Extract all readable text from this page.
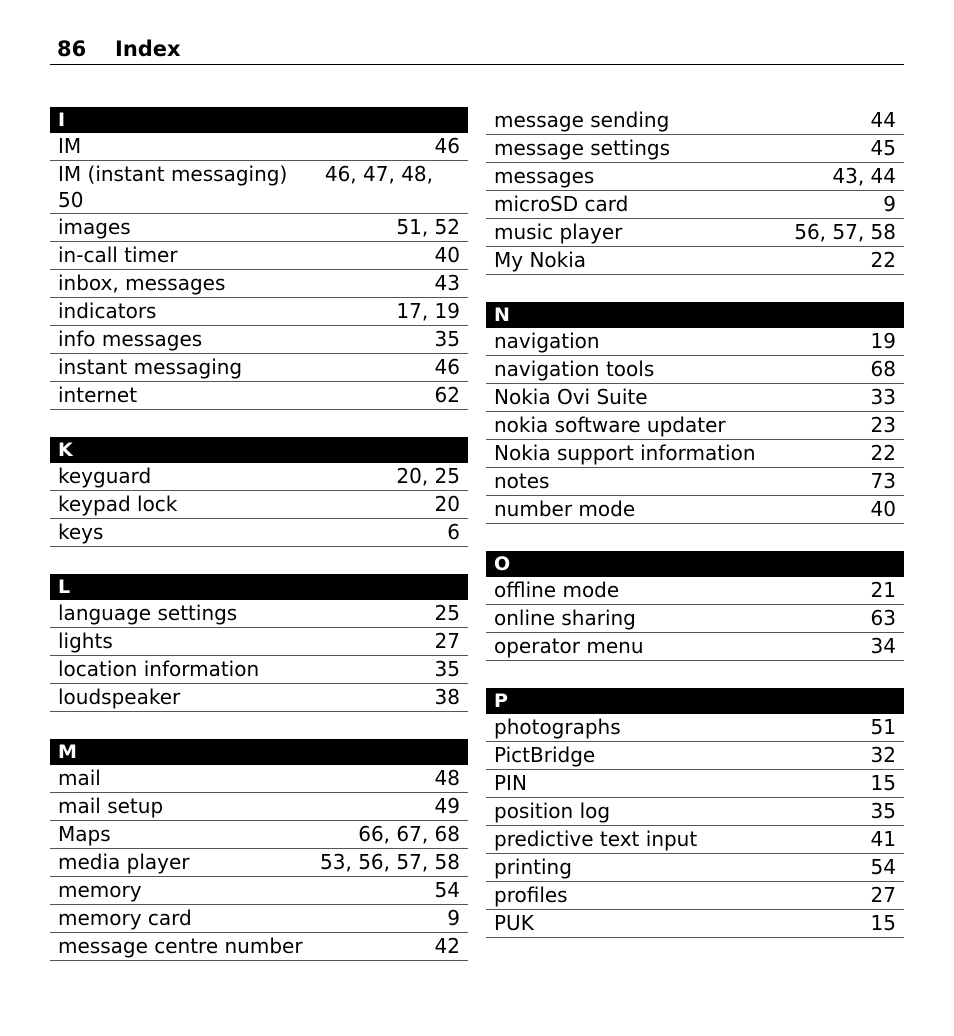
86 Index
I
IM	46
IM (instant messaging)	46, 47, 48,
50
images	51, 52
in-call timer	40
inbox, messages	43
indicators	17, 19
info messages	35
instant messaging	46
internet	62
K
keyguard	20, 25
keypad lock	20
keys	6
L
language settings	25
lights	27
location information	35
loudspeaker	38
M
mail	48
mail setup	49
Maps	66, 67, 68
media player	53, 56, 57, 58
memory	54
memory card	9
message centre number	42
message sending	44
message settings	45
messages	43, 44
microSD card	9
music player	56, 57, 58
My Nokia	22
N
navigation	19
navigation tools	68
Nokia Ovi Suite	33
nokia software updater	23
Nokia support information	22
notes	73
number mode	40
O
offline mode	21
online sharing	63
operator menu	34
P
photographs	51
PictBridge	32
PIN	15
position log	35
predictive text input	41
printing	54
profiles	27
PUK	15
